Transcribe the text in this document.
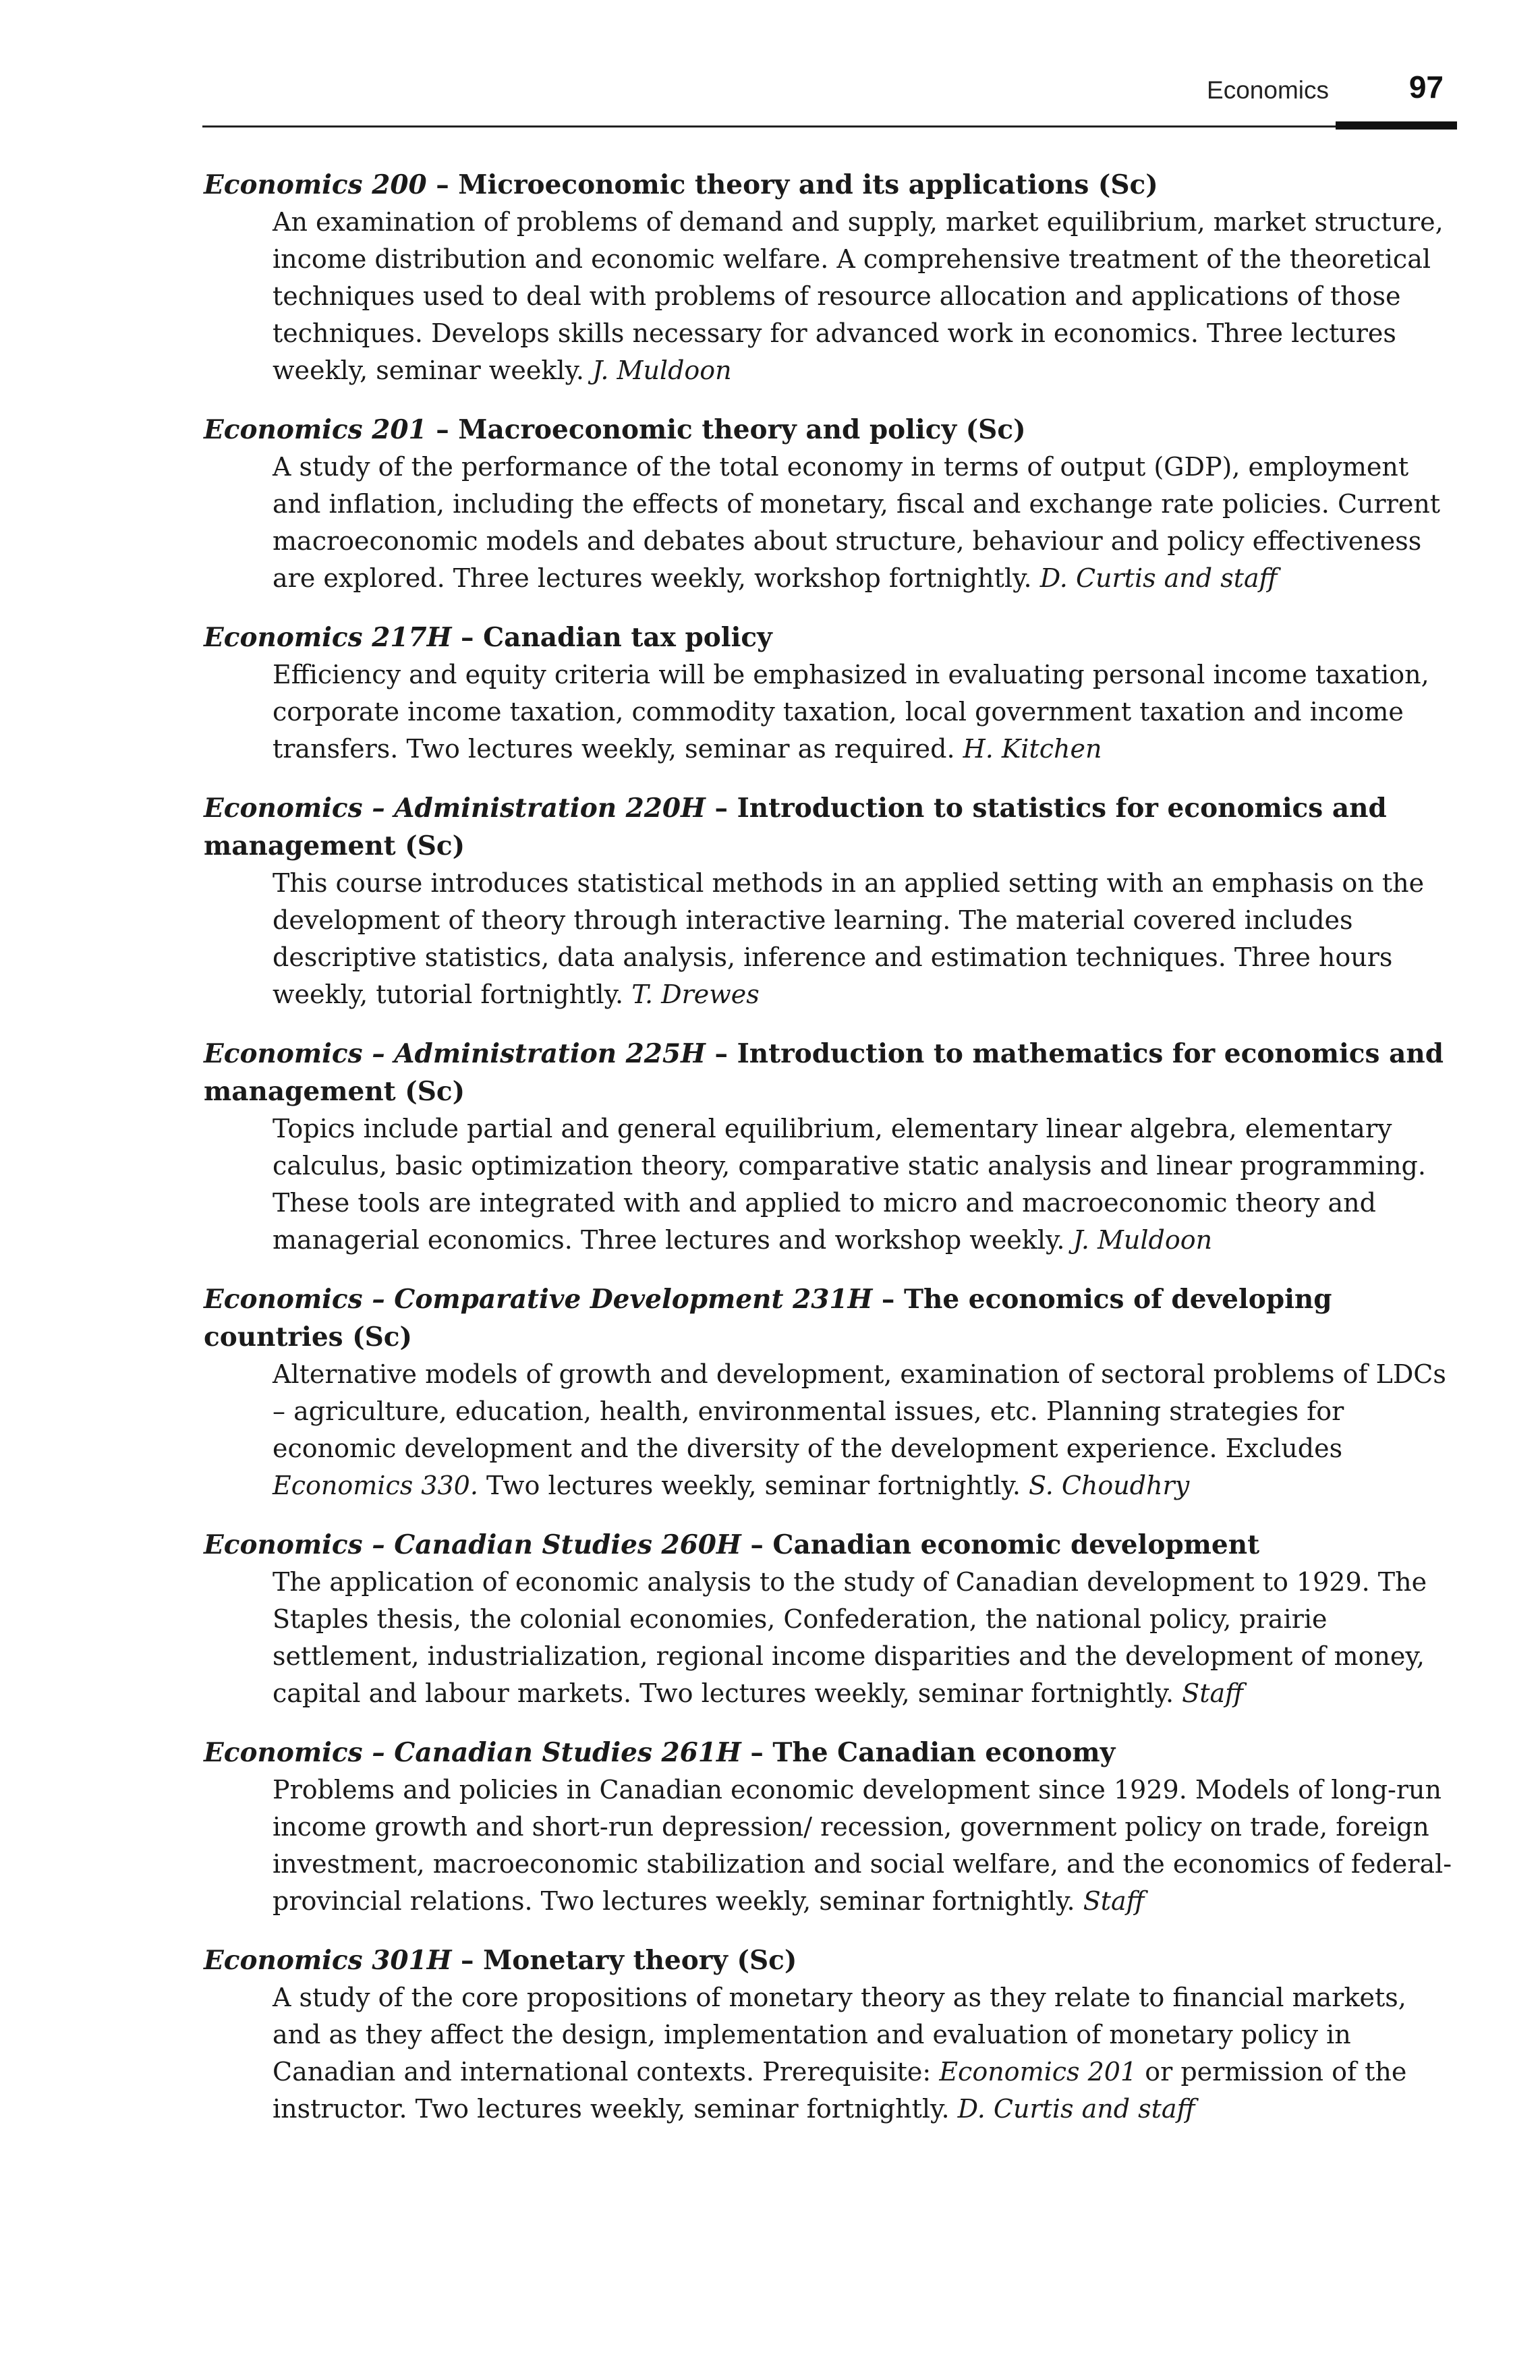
Economics	97
Economics 200 – Microeconomic theory and its applications (Sc)
An examination of problems of demand and supply, market equilibrium, market structure, income distribution and economic welfare. A comprehensive treatment of the theoretical techniques used to deal with problems of resource allocation and applications of those techniques. Develops skills necessary for advanced work in economics. Three lectures weekly, seminar weekly. J. Muldoon
Economics 201 – Macroeconomic theory and policy (Sc)
A study of the performance of the total economy in terms of output (GDP), employment and inflation, including the effects of monetary, fiscal and exchange rate policies. Current macroeconomic models and debates about structure, behaviour and policy effectiveness are explored. Three lectures weekly, workshop fortnightly. D. Curtis and staff
Economics 217H – Canadian tax policy
Efficiency and equity criteria will be emphasized in evaluating personal income taxation, corporate income taxation, commodity taxation, local government taxation and income transfers. Two lectures weekly, seminar as required. H. Kitchen
Economics – Administration 220H – Introduction to statistics for economics and management (Sc)
This course introduces statistical methods in an applied setting with an emphasis on the development of theory through interactive learning. The material covered includes descriptive statistics, data analysis, inference and estimation techniques. Three hours weekly, tutorial fortnightly. T. Drewes
Economics – Administration 225H – Introduction to mathematics for economics and management (Sc)
Topics include partial and general equilibrium, elementary linear algebra, elementary calculus, basic optimization theory, comparative static analysis and linear programming. These tools are integrated with and applied to micro and macroeconomic theory and managerial economics. Three lectures and workshop weekly. J. Muldoon
Economics – Comparative Development 231H – The economics of developing countries (Sc)
Alternative models of growth and development, examination of sectoral problems of LDCs – agriculture, education, health, environmental issues, etc. Planning strategies for economic development and the diversity of the development experience. Excludes Economics 330. Two lectures weekly, seminar fortnightly. S. Choudhry
Economics – Canadian Studies 260H – Canadian economic development
The application of economic analysis to the study of Canadian development to 1929. The Staples thesis, the colonial economies, Confederation, the national policy, prairie settlement, industrialization, regional income disparities and the development of money, capital and labour markets. Two lectures weekly, seminar fortnightly. Staff
Economics – Canadian Studies 261H – The Canadian economy
Problems and policies in Canadian economic development since 1929. Models of long-run income growth and short-run depression/ recession, government policy on trade, foreign investment, macroeconomic stabilization and social welfare, and the economics of federal-provincial relations. Two lectures weekly, seminar fortnightly. Staff
Economics 301H – Monetary theory (Sc)
A study of the core propositions of monetary theory as they relate to financial markets, and as they affect the design, implementation and evaluation of monetary policy in Canadian and international contexts. Prerequisite: Economics 201 or permission of the instructor. Two lectures weekly, seminar fortnightly. D. Curtis and staff
